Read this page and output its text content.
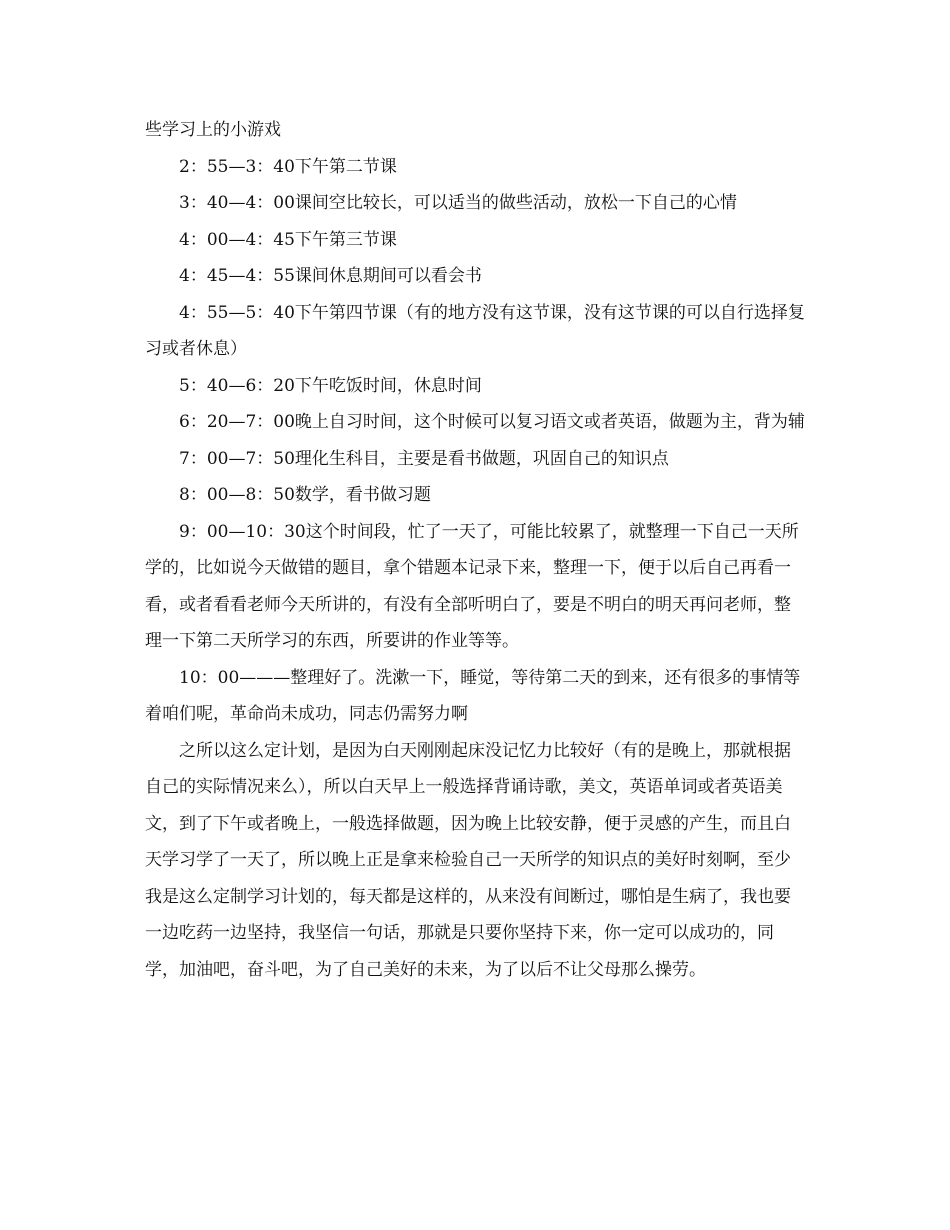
些学习上的小游戏

2：55—3：40下午第二节课

3：40—4：00课间空比较长，可以适当的做些活动，放松一下自己的心情

4：00—4：45下午第三节课

4：45—4：55课间休息期间可以看会书

4：55—5：40下午第四节课（有的地方没有这节课，没有这节课的可以自行选择复习或者休息）

5：40—6：20下午吃饭时间，休息时间

6：20—7：00晚上自习时间，这个时候可以复习语文或者英语，做题为主，背为辅

7：00—7：50理化生科目，主要是看书做题，巩固自己的知识点

8：00—8：50数学，看书做习题

9：00—10：30这个时间段，忙了一天了，可能比较累了，就整理一下自己一天所学的，比如说今天做错的题目，拿个错题本记录下来，整理一下，便于以后自己再看一看，或者看看老师今天所讲的，有没有全部听明白了，要是不明白的明天再问老师，整理一下第二天所学习的东西，所要讲的作业等等。

10：00———整理好了。洗漱一下，睡觉，等待第二天的到来，还有很多的事情等着咱们呢，革命尚未成功，同志仍需努力啊

之所以这么定计划，是因为白天刚刚起床没记忆力比较好（有的是晚上，那就根据自己的实际情况来么），所以白天早上一般选择背诵诗歌，美文，英语单词或者英语美文，到了下午或者晚上，一般选择做题，因为晚上比较安静，便于灵感的产生，而且白天学习学了一天了，所以晚上正是拿来检验自己一天所学的知识点的美好时刻啊，至少我是这么定制学习计划的，每天都是这样的，从来没有间断过，哪怕是生病了，我也要一边吃药一边坚持，我坚信一句话，那就是只要你坚持下来，你一定可以成功的，同学，加油吧，奋斗吧，为了自己美好的未来，为了以后不让父母那么操劳。
